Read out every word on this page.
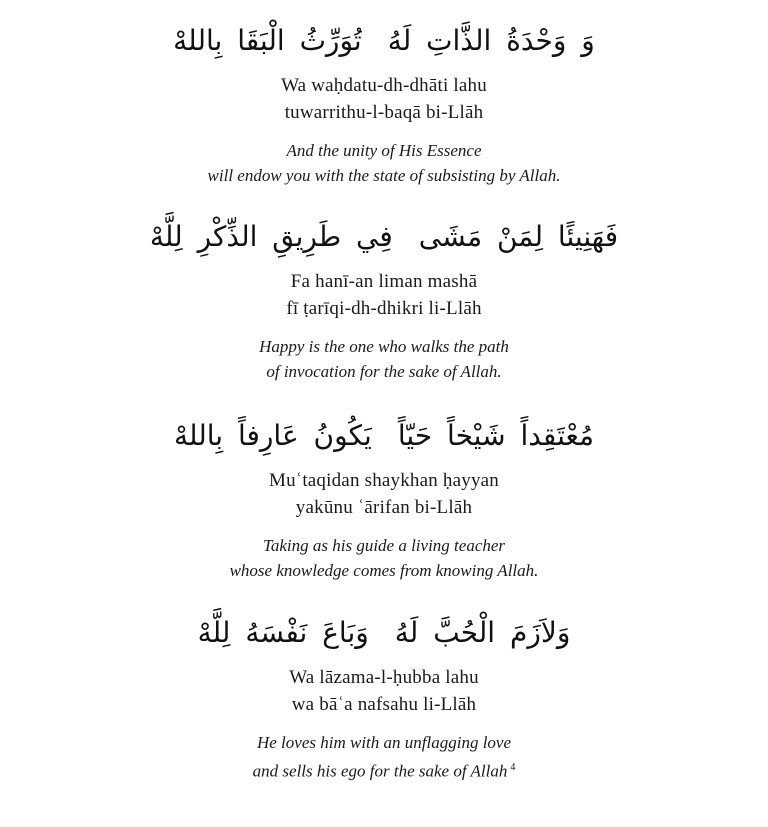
وَ وَحْدَةُ الذَّاتِ لَهُتُوَرِّثُ الْبَقَا بِاللهْ
Wa waḥdatu-dh-dhāti lahu
tuwarrithu-l-baqā bi-Llāh
And the unity of His Essence
will endow you with the state of subsisting by Allah.
فَهَنِيئًا لِمَنْ مَشَىفِي طَرِيقِ الذِّكْرِ لِلَّهْ
Fa hanī-an liman mashā
fī ṭarīqi-dh-dhikri li-Llāh
Happy is the one who walks the path
of invocation for the sake of Allah.
مُعْتَقِداً شَيْخاً حَيّاًيَكُونُ عَارِفاً بِاللهْ
Muʿtaqidan shaykhan ḥayyan
yakūnu ʿārifan bi-Llāh
Taking as his guide a living teacher
whose knowledge comes from knowing Allah.
وَلاَزَمَ الْحُبَّ لَهُوَبَاعَ نَفْسَهُ لِلَّهْ
Wa lāzama-l-ḥubba lahu
wa bāʿa nafsahu li-Llāh
He loves him with an unflagging love
and sells his ego for the sake of Allah $^4$
